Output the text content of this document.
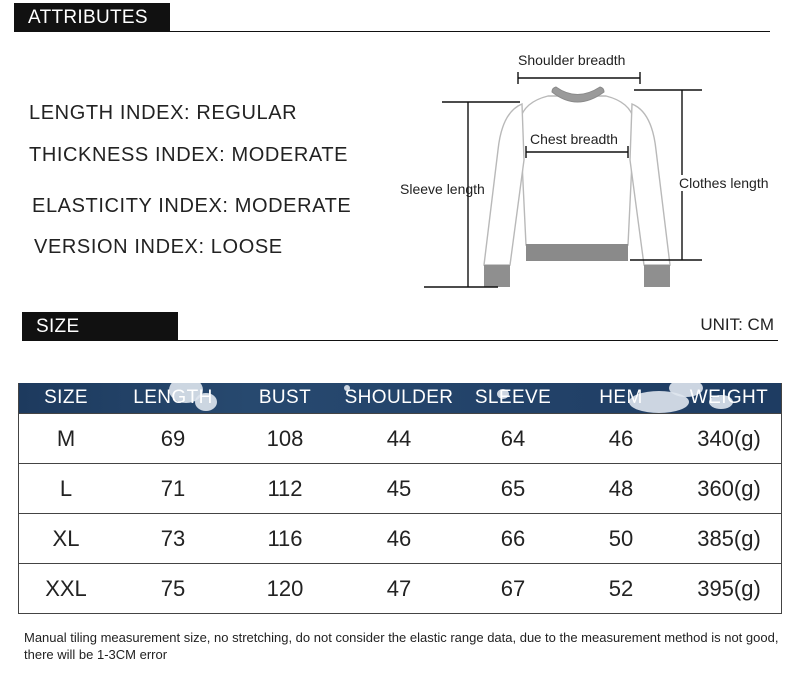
ATTRIBUTES
LENGTH INDEX: REGULAR
THICKNESS INDEX: MODERATE
ELASTICITY INDEX: MODERATE
VERSION INDEX: LOOSE
Shoulder breadth
Chest breadth
Sleeve length	Clothes length
SIZE DISPLAY
UNIT: CM
SIZE	LENGTH	BUST	SHOULDER	SLEEVE	HEM	WEIGHT
M	69	108	44	64	46	340(g)
L	71	112	45	65	48	360(g)
XL	73	116	46	66	50	385(g)
XXL	75	120	47	67	52	395(g)
Manual tiling measurement size, no stretching, do not consider the elastic range data, due to the measurement method is not good, there will be 1-3CM error
